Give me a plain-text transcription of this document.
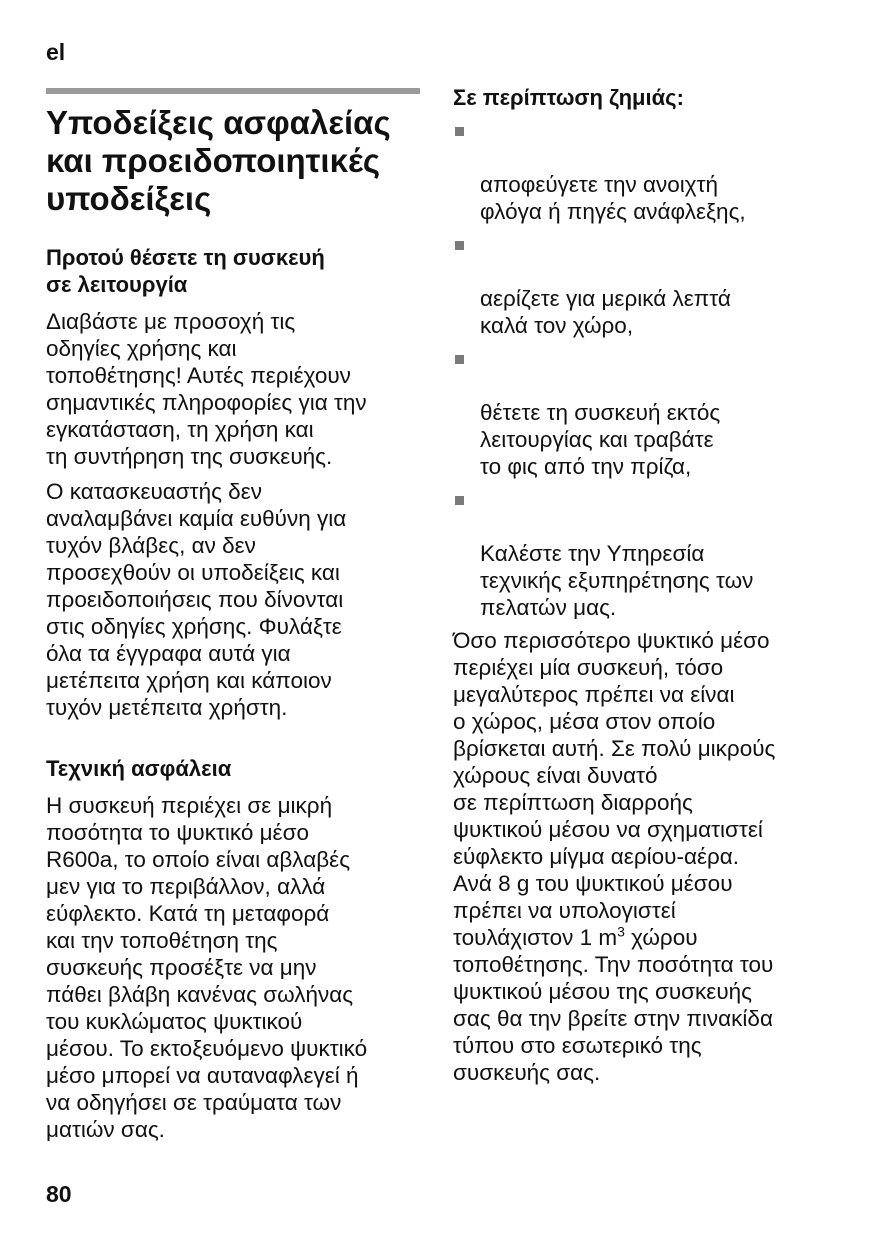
el
Υποδείξεις ασφαλείας
και προειδοποιητικές
υποδείξεις
Προτού θέσετε τη συσκευή
σε λειτουργία

Διαβάστε με προσοχή τις
οδηγίες χρήσης και
τοποθέτησης! Αυτές περιέχουν
σημαντικές πληροφορίες για την
εγκατάσταση, τη χρήση και
τη συντήρηση της συσκευής.

Ο κατασκευαστής δεν
αναλαμβάνει καμία ευθύνη για
τυχόν βλάβες, αν δεν
προσεχθούν οι υποδείξεις και
προειδοποιήσεις που δίνονται
στις οδηγίες χρήσης. Φυλάξτε
όλα τα έγγραφα αυτά για
μετέπειτα χρήση και κάποιον
τυχόν μετέπειτα χρήστη.

Τεχνική ασφάλεια

Η συσκευή περιέχει σε μικρή
ποσότητα το ψυκτικό μέσο
R600a, το οποίο είναι αβλαβές
μεν για το περιβάλλον, αλλά
εύφλεκτο. Κατά τη μεταφορά
και την τοποθέτηση της
συσκευής προσέξτε να μην
πάθει βλάβη κανένας σωλήνας
του κυκλώματος ψυκτικού
μέσου. Το εκτοξευόμενο ψυκτικό
μέσο μπορεί να αυταναφλεγεί ή
να οδηγήσει σε τραύματα των
ματιών σας.

Σε περίπτωση ζημιάς:

αποφεύγετε την ανοιχτή
φλόγα ή πηγές ανάφλεξης,

αερίζετε για μερικά λεπτά
καλά τον χώρο,

θέτετε τη συσκευή εκτός
λειτουργίας και τραβάτε
το φις από την πρίζα,

Καλέστε την Υπηρεσία
τεχνικής εξυπηρέτησης των
πελατών μας.

Όσο περισσότερο ψυκτικό μέσο
περιέχει μία συσκευή, τόσο
μεγαλύτερος πρέπει να είναι
ο χώρος, μέσα στον οποίο
βρίσκεται αυτή. Σε πολύ μικρούς
χώρους είναι δυνατό
σε περίπτωση διαρροής
ψυκτικού μέσου να σχηματιστεί
εύφλεκτο μίγμα αερίου-αέρα.
Ανά 8 g του ψυκτικού μέσου
πρέπει να υπολογιστεί
τουλάχιστον 1 $m^3$ χώρου
τοποθέτησης. Την ποσότητα του
ψυκτικού μέσου της συσκευής
σας θα την βρείτε στην πινακίδα
τύπου στο εσωτερικό της
συσκευής σας.

80
